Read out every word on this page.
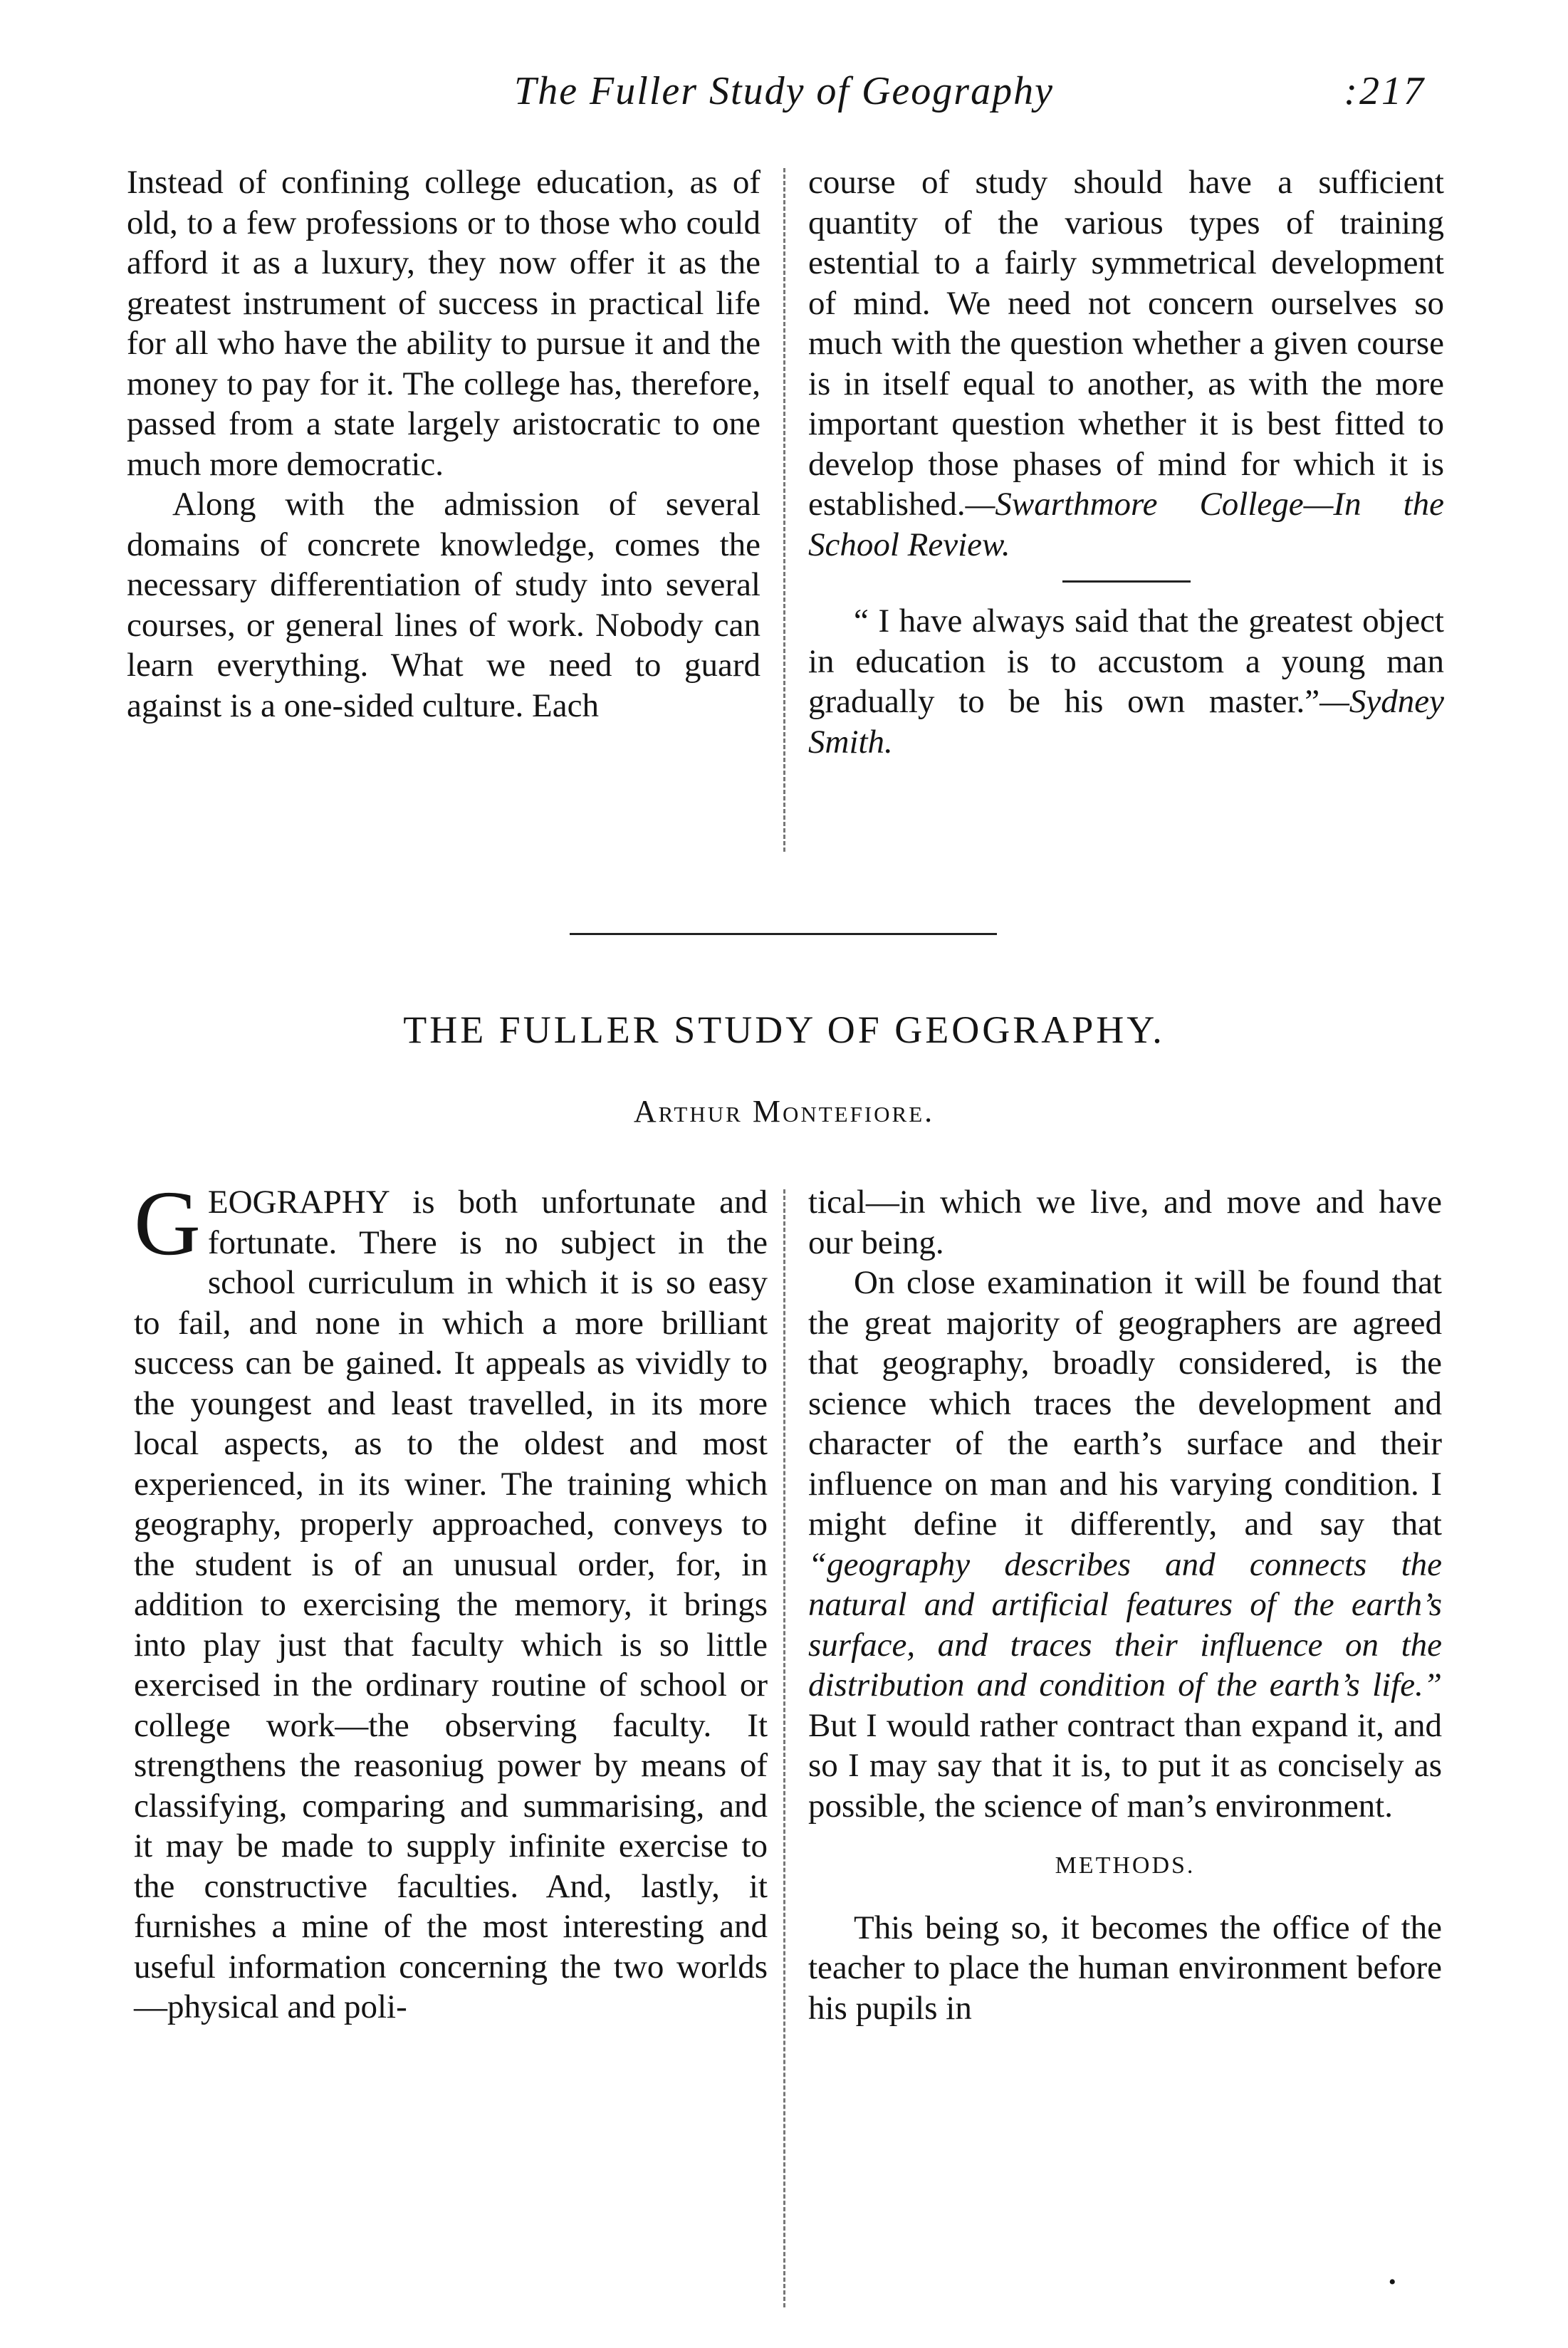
The Fuller Study of Geography	:217

Instead of confining college education, as of old, to a few professions or to those who could afford it as a luxury, they now offer it as the greatest instrument of success in practical life for all who have the ability to pursue it and the money to pay for it. The college has, therefore, passed from a state largely aristocratic to one much more democratic.

Along with the admission of several domains of concrete knowledge, comes the necessary differentiation of study into several courses, or general lines of work. Nobody can learn everything. What we need to guard against is a one-sided culture. Each

course of study should have a sufficient quantity of the various types of training estential to a fairly symmetrical development of mind. We need not concern ourselves so much with the question whether a given course is in itself equal to another, as with the more important question whether it is best fitted to develop those phases of mind for which it is established.—Swarthmore College—In the School Review.

“ I have always said that the greatest object in education is to accustom a young man gradually to be his own master.”—Sydney Smith.

THE FULLER STUDY OF GEOGRAPHY.
Arthur Montefiore.

GEOGRAPHY is both unfortunate and fortunate. There is no subject in the school curriculum in which it is so easy to fail, and none in which a more brilliant success can be gained. It appeals as vividly to the youngest and least travelled, in its more local aspects, as to the oldest and most experienced, in its winer. The training which geography, properly approached, conveys to the student is of an unusual order, for, in addition to exercising the memory, it brings into play just that faculty which is so little exercised in the ordinary routine of school or college work—the observing faculty. It strengthens the reasoniug power by means of classifying, comparing and summarising, and it may be made to supply infinite exercise to the constructive faculties. And, lastly, it furnishes a mine of the most interesting and useful information concerning the two worlds—physical and poli-

tical—in which we live, and move and have our being.

On close examination it will be found that the great majority of geographers are agreed that geography, broadly considered, is the science which traces the development and character of the earth’s surface and their influence on man and his varying condition. I might define it differently, and say that “geography describes and connects the natural and artificial features of the earth’s surface, and traces their influence on the distribution and condition of the earth’s life.” But I would rather contract than expand it, and so I may say that it is, to put it as concisely as possible, the science of man’s environment.

METHODS.

This being so, it becomes the office of the teacher to place the human environment before his pupils in

•
